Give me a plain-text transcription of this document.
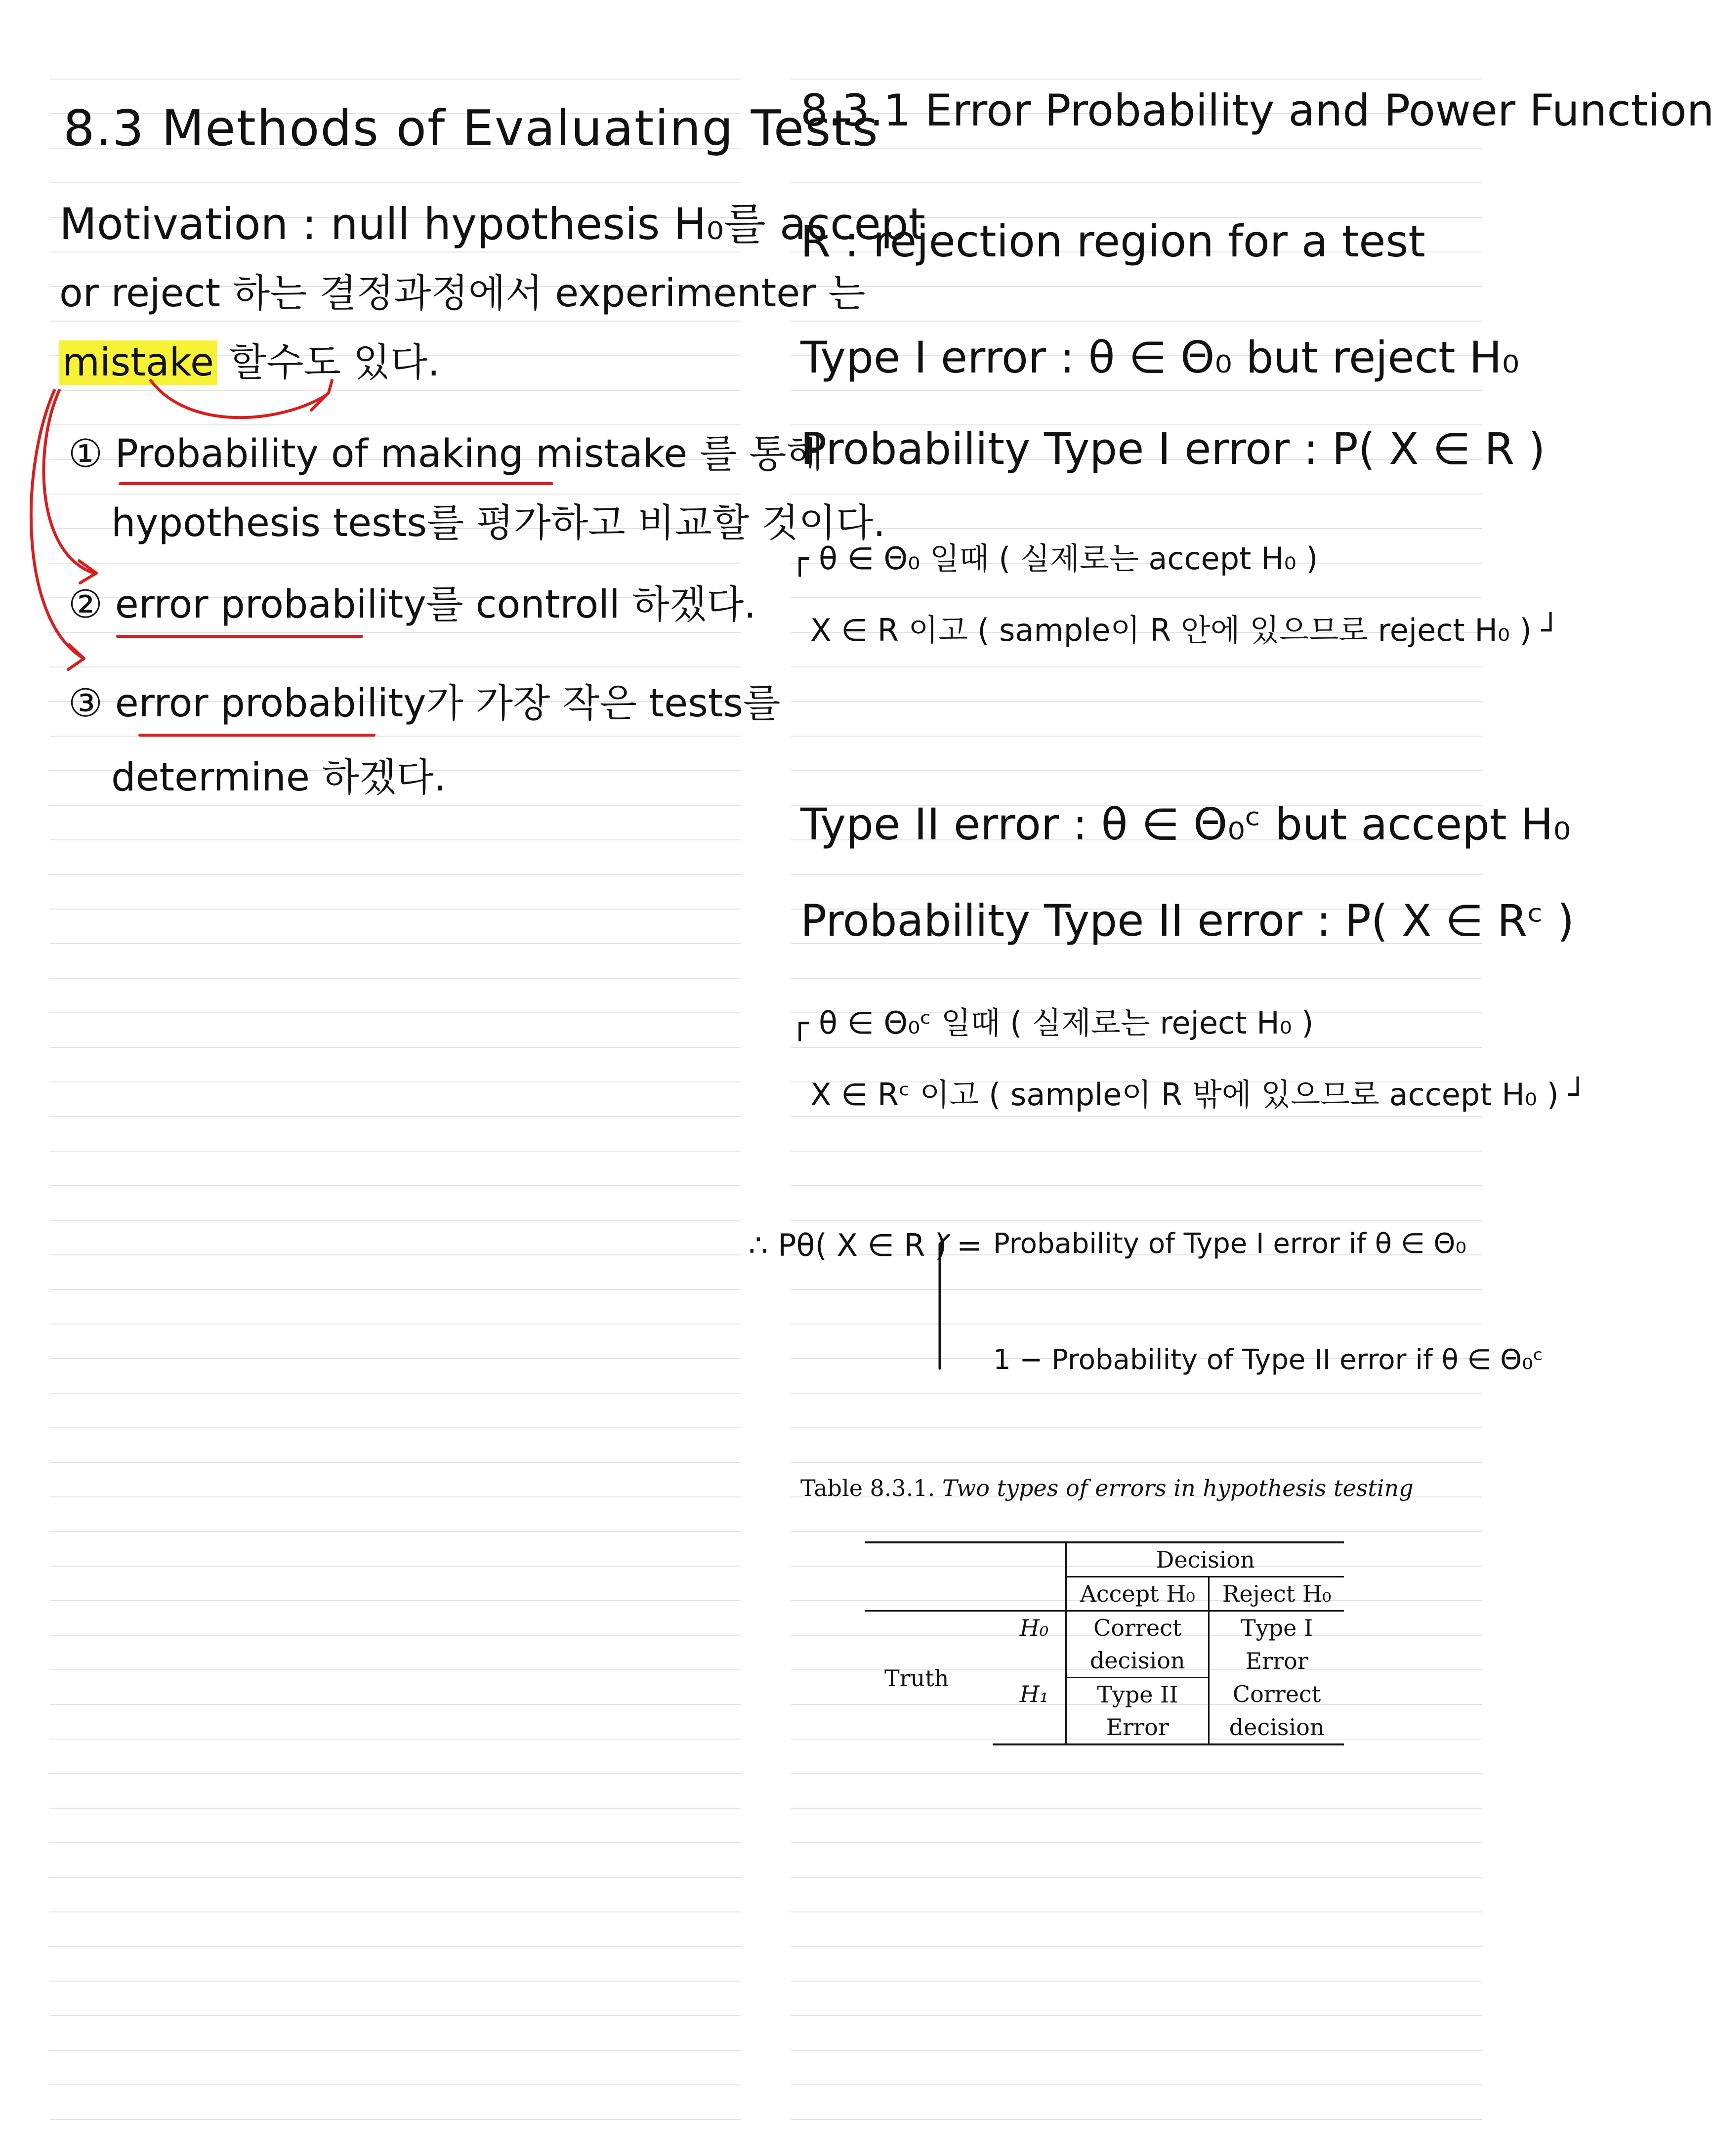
8.3 Methods of Evaluating Tests
Motivation : null hypothesis H₀를 accept
or reject 하는 결정과정에서 experimenter 는
mistake 할수도 있다.
① Probability of making mistake 를 통해
hypothesis tests를 평가하고 비교할 것이다.
② error probability를 controll 하겠다.
③ error probability가 가장 작은 tests를
determine 하겠다.
8.3.1 Error Probability and Power Function
R : rejection region for a test
Type I error : θ ∈ Θ₀ but reject H₀
Probability Type I error : P( X ∈ R )
┌ θ ∈ Θ₀ 일때 ( 실제로는 accept H₀ )
X ∈ R 이고 ( sample이 R 안에 있으므로 reject H₀ ) ┘
Type II error : θ ∈ Θ₀ᶜ but accept H₀
Probability Type II error : P( X ∈ Rᶜ )
┌ θ ∈ Θ₀ᶜ 일때 ( 실제로는 reject H₀ )
X ∈ Rᶜ 이고 ( sample이 R 밖에 있으므로 accept H₀ ) ┘
∴ Pθ( X ∈ R ) = Probability of Type I error if θ ∈ Θ₀
1 − Probability of Type II error if θ ∈ Θ₀ᶜ
Table 8.3.1. Two types of errors in hypothesis testing
		Decision	
		Accept H₀	Reject H₀
Truth	H₀	Correct	Type I
		decision	Error
	H₁	Type II	Correct
		Error	decision
